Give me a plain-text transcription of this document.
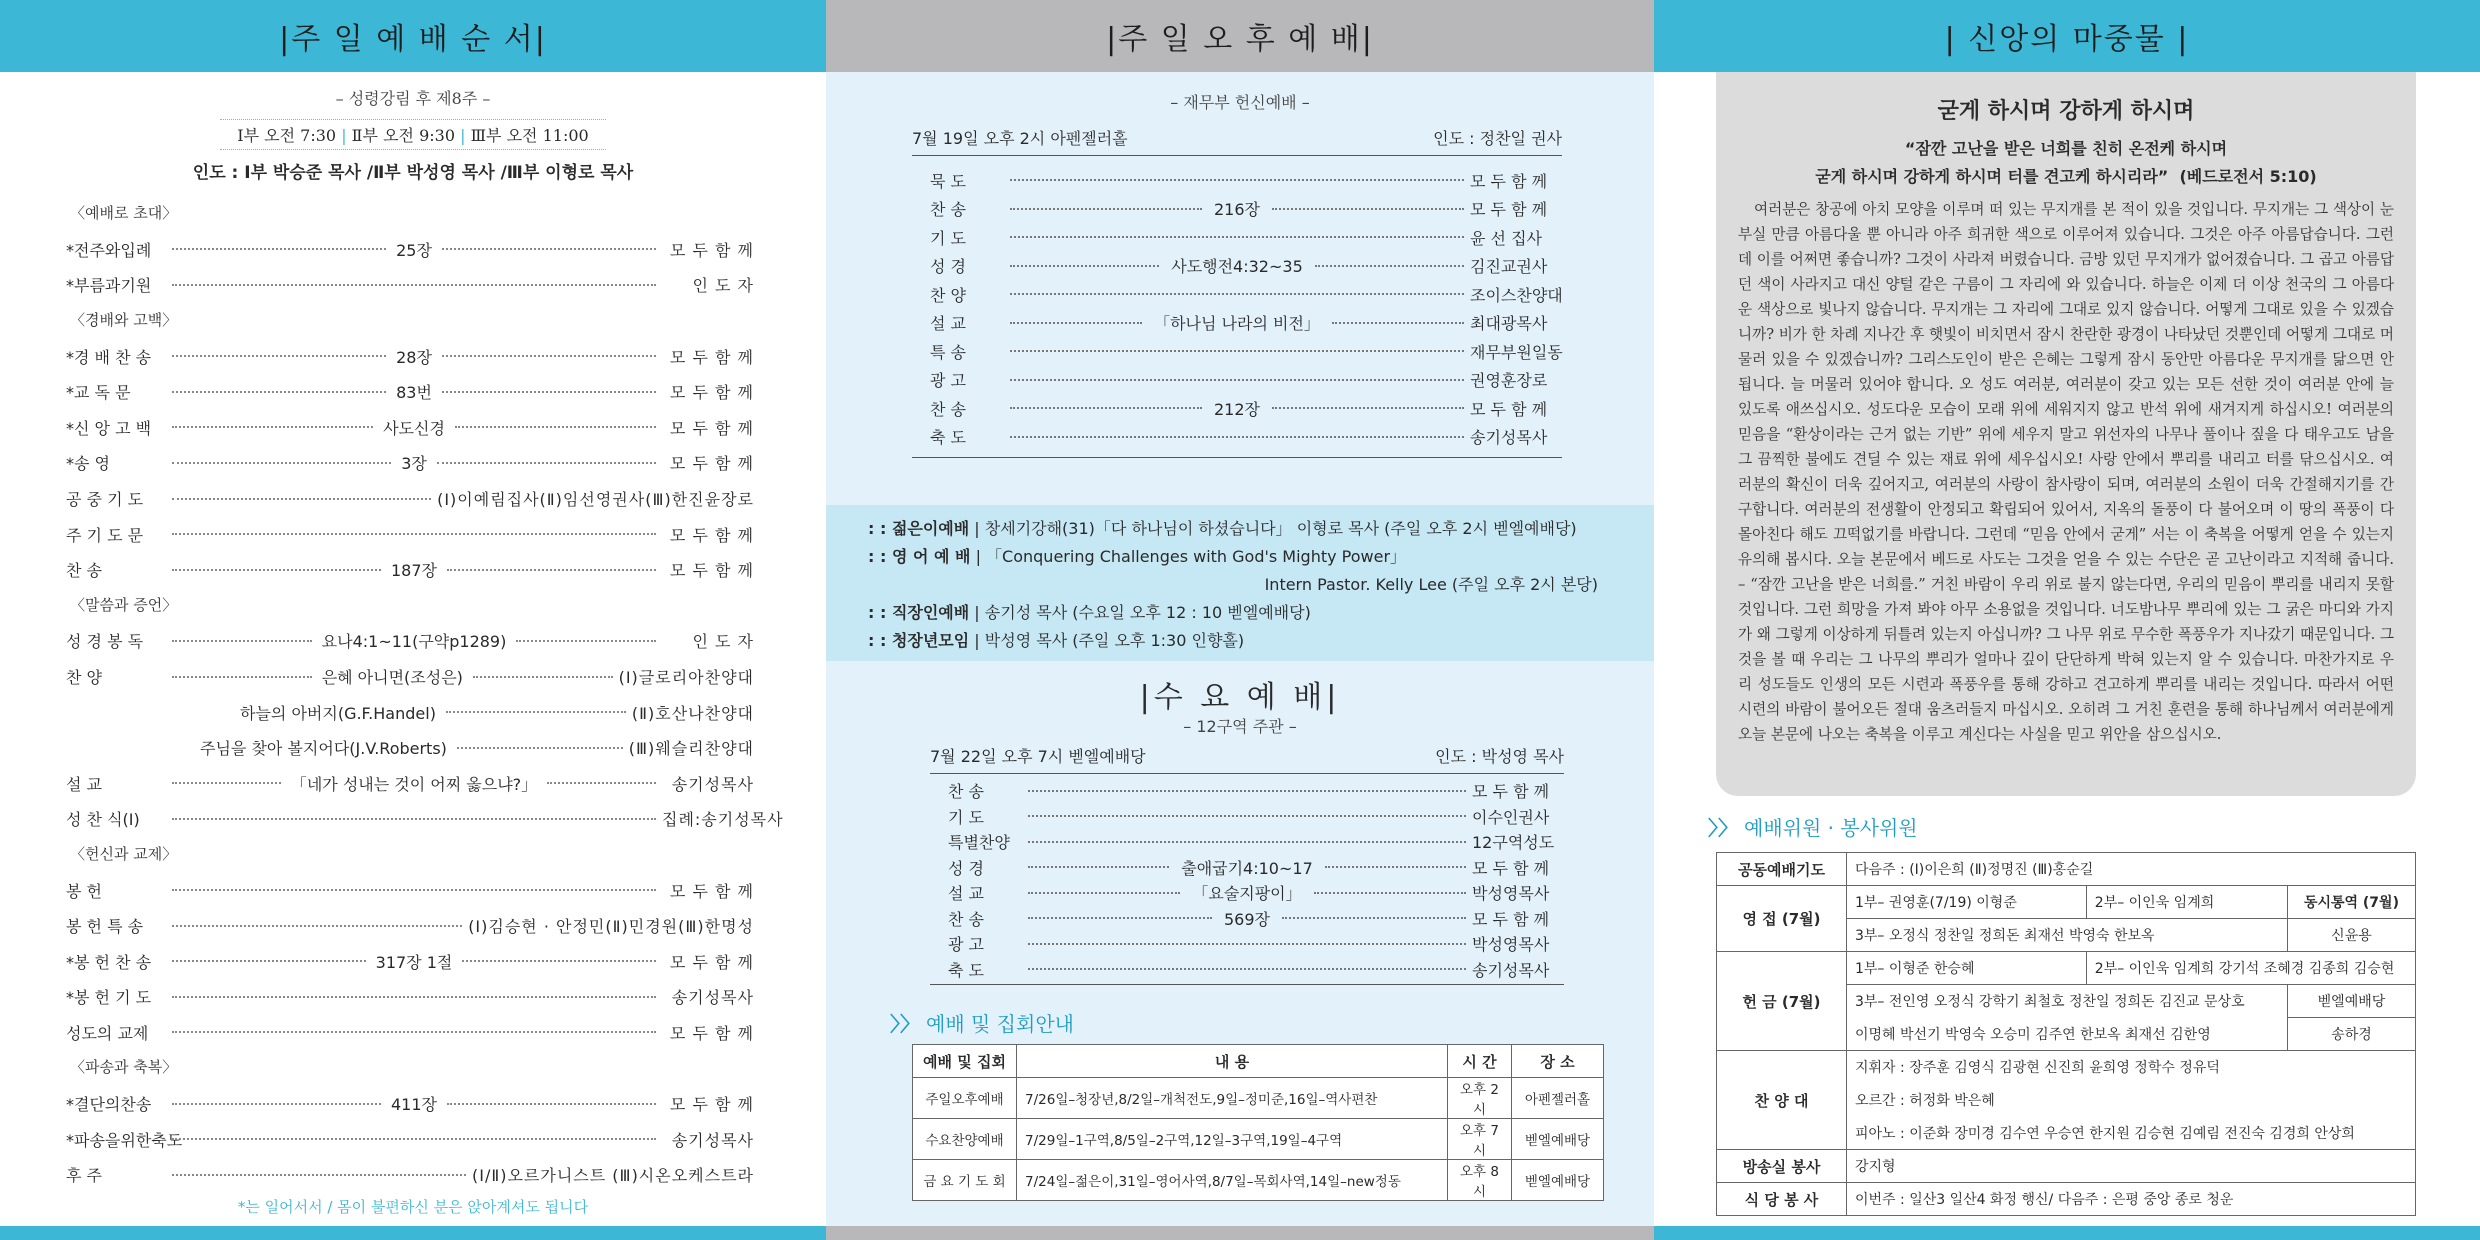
|주 일 예 배 순 서|
– 성령강림 후 제8주 –
Ⅰ부 오전 7:30 | Ⅱ부 오전 9:30 | Ⅲ부 오전 11:00
인도 : Ⅰ부 박승준 목사 /Ⅱ부 박성영 목사 /Ⅲ부 이형로 목사
〈예배로 초대〉
*전주와입례	25장	모 두 함 께
*부름과기원	인 도 자
〈경배와 고백〉
*경 배 찬 송	28장	모 두 함 께
*교 독 문	83번	모 두 함 께
*신 앙 고 백	사도신경	모 두 함 께
*송 영	3장	모 두 함 께
공 중 기 도	(Ⅰ)이예림집사(Ⅱ)임선영권사(Ⅲ)한진윤장로
주 기 도 문	모 두 함 께
찬 송	187장	모 두 함 께
〈말씀과 증언〉
성 경 봉 독	요나4:1~11(구약p1289)	인 도 자
찬 양	은혜 아니면(조성은)	(Ⅰ)글로리아찬양대
하늘의 아버지(G.F.Handel)	(Ⅱ)호산나찬양대
주님을 찾아 볼지어다(J.V.Roberts)	(Ⅲ)웨슬리찬양대
설 교	「네가 성내는 것이 어찌 옳으냐?」	송기성목사
성 찬 식(Ⅰ)	집례:송기성목사
〈헌신과 교제〉
봉 헌	모 두 함 께
봉 헌 특 송	(Ⅰ)김승현 · 안정민(Ⅱ)민경원(Ⅲ)한명성
*봉 헌 찬 송	317장 1절	모 두 함 께
*봉 헌 기 도	송기성목사
성도의 교제	모 두 함 께
〈파송과 축복〉
*결단의찬송	411장	모 두 함 께
*파송을위한축도	송기성목사
후 주	(Ⅰ/Ⅱ)오르가니스트 (Ⅲ)시온오케스트라
*는 일어서서 / 몸이 불편하신 분은 앉아계셔도 됩니다
|주 일 오 후 예 배|
– 재무부 헌신예배 –
7월 19일 오후 2시 아펜젤러홀	인도 : 정찬일 권사
묵 도	모 두 함 께
찬 송	216장	모 두 함 께
기 도	윤 선 집사
성 경	사도행전4:32~35	김진교권사
찬 양	조이스찬양대
설 교	「하나님 나라의 비전」	최대광목사
특 송	재무부원일동
광 고	권영훈장로
찬 송	212장	모 두 함 께
축 도	송기성목사
: : 젊은이예배 | 창세기강해(31)「다 하나님이 하셨습니다」 이형로 목사 (주일 오후 2시 벧엘예배당)
: : 영 어 예 배 | 「Conquering Challenges with God's Mighty Power」
Intern Pastor. Kelly Lee (주일 오후 2시 본당)
: : 직장인예배 | 송기성 목사 (수요일 오후 12 : 10 벧엘예배당)
: : 청장년모임 | 박성영 목사 (주일 오후 1:30 인향홀)
|수 요 예 배|
– 12구역 주관 –
7월 22일 오후 7시 벧엘예배당	인도 : 박성영 목사
찬 송	모 두 함 께
기 도	이수인권사
특별찬양	12구역성도
성 경	출애굽기4:10~17	모 두 함 께
설 교	「요술지팡이」	박성영목사
찬 송	569장	모 두 함 께
광 고	박성영목사
축 도	송기성목사
〉〉 예배 및 집회안내
예배 및 집회	내 용	시 간	장 소
주일오후예배	7/26일–청장년,8/2일–개척전도,9일–정미준,16일–역사편찬	오후 2시	아펜젤러홀
수요찬양예배	7/29일–1구역,8/5일–2구역,12일–3구역,19일–4구역	오후 7시	벧엘예배당
금 요 기 도 회	7/24일–젊은이,31일–영어사역,8/7일–목회사역,14일–new정동	오후 8시	벧엘예배당
| 신앙의 마중물 |
굳게 하시며 강하게 하시며
“잠깐 고난을 받은 너희를 친히 온전케 하시며
굳게 하시며 강하게 하시며 터를 견고케 하시리라” (베드로전서 5:10)
여러분은 창공에 아치 모양을 이루며 떠 있는 무지개를 본 적이 있을 것입니다. 무지개는 그 색상이 눈부실 만큼 아름다울 뿐 아니라 아주 희귀한 색으로 이루어져 있습니다. 그것은 아주 아름답습니다. 그런데 이를 어쩌면 좋습니까? 그것이 사라져 버렸습니다. 금방 있던 무지개가 없어졌습니다. 그 곱고 아름답던 색이 사라지고 대신 양털 같은 구름이 그 자리에 와 있습니다. 하늘은 이제 더 이상 천국의 그 아름다운 색상으로 빛나지 않습니다. 무지개는 그 자리에 그대로 있지 않습니다. 어떻게 그대로 있을 수 있겠습니까? 비가 한 차례 지나간 후 햇빛이 비치면서 잠시 찬란한 광경이 나타났던 것뿐인데 어떻게 그대로 머물러 있을 수 있겠습니까? 그리스도인이 받은 은혜는 그렇게 잠시 동안만 아름다운 무지개를 닮으면 안 됩니다. 늘 머물러 있어야 합니다. 오 성도 여러분, 여러분이 갖고 있는 모든 선한 것이 여러분 안에 늘 있도록 애쓰십시오. 성도다운 모습이 모래 위에 세워지지 않고 반석 위에 새겨지게 하십시오! 여러분의 믿음을 “환상이라는 근거 없는 기반” 위에 세우지 말고 위선자의 나무나 풀이나 짚을 다 태우고도 남을 그 끔찍한 불에도 견딜 수 있는 재료 위에 세우십시오! 사랑 안에서 뿌리를 내리고 터를 닦으십시오. 여러분의 확신이 더욱 깊어지고, 여러분의 사랑이 참사랑이 되며, 여러분의 소원이 더욱 간절해지기를 간구합니다. 여러분의 전생활이 안정되고 확립되어 있어서, 지옥의 돌풍이 다 불어오며 이 땅의 폭풍이 다 몰아친다 해도 끄떡없기를 바랍니다. 그런데 “믿음 안에서 굳게” 서는 이 축복을 어떻게 얻을 수 있는지 유의해 봅시다. 오늘 본문에서 베드로 사도는 그것을 얻을 수 있는 수단은 곧 고난이라고 지적해 줍니다. – “잠깐 고난을 받은 너희를.” 거친 바람이 우리 위로 불지 않는다면, 우리의 믿음이 뿌리를 내리지 못할 것입니다. 그런 희망을 가져 봐야 아무 소용없을 것입니다. 너도밤나무 뿌리에 있는 그 굵은 마디와 가지가 왜 그렇게 이상하게 뒤틀려 있는지 아십니까? 그 나무 위로 무수한 폭풍우가 지나갔기 때문입니다. 그것을 볼 때 우리는 그 나무의 뿌리가 얼마나 깊이 단단하게 박혀 있는지 알 수 있습니다. 마찬가지로 우리 성도들도 인생의 모든 시련과 폭풍우를 통해 강하고 견고하게 뿌리를 내리는 것입니다. 따라서 어떤 시련의 바람이 불어오든 절대 움츠러들지 마십시오. 오히려 그 거친 훈련을 통해 하나님께서 여러분에게 오늘 본문에 나오는 축복을 이루고 계신다는 사실을 믿고 위안을 삼으십시오.
〉〉 예배위원 · 봉사위원
공동예배기도	다음주 : (Ⅰ)이은희 (Ⅱ)정명진 (Ⅲ)홍순길		
영 접 (7월)	1부– 권영훈(7/19) 이형준	2부– 이인욱 임계희	동시통역 (7월)
	3부– 오정식 정찬일 정희돈 최재선 박영숙 한보옥		신윤용
헌 금 (7월)	1부– 이형준 한승혜	2부– 이인욱 임계희 강기석 조혜경 김종희 김승현	
	3부– 전인영 오정식 강학기 최철호 정찬일 정희돈 김진교 문상호		벧엘예배당
	이명혜 박선기 박영숙 오승미 김주연 한보옥 최재선 김한영		송하경
찬 양 대	지휘자 : 장주훈 김영식 김광현 신진희 윤희영 정학수 정유덕		
	오르간 : 허정화 박은혜		
	피아노 : 이준화 장미경 김수연 우승연 한지원 김승현 김예림 전진숙 김경희 안상희		
방송실 봉사	강지형		
식 당 봉 사	이번주 : 일산3 일산4 화정 행신/ 다음주 : 은평 중앙 종로 청운		
